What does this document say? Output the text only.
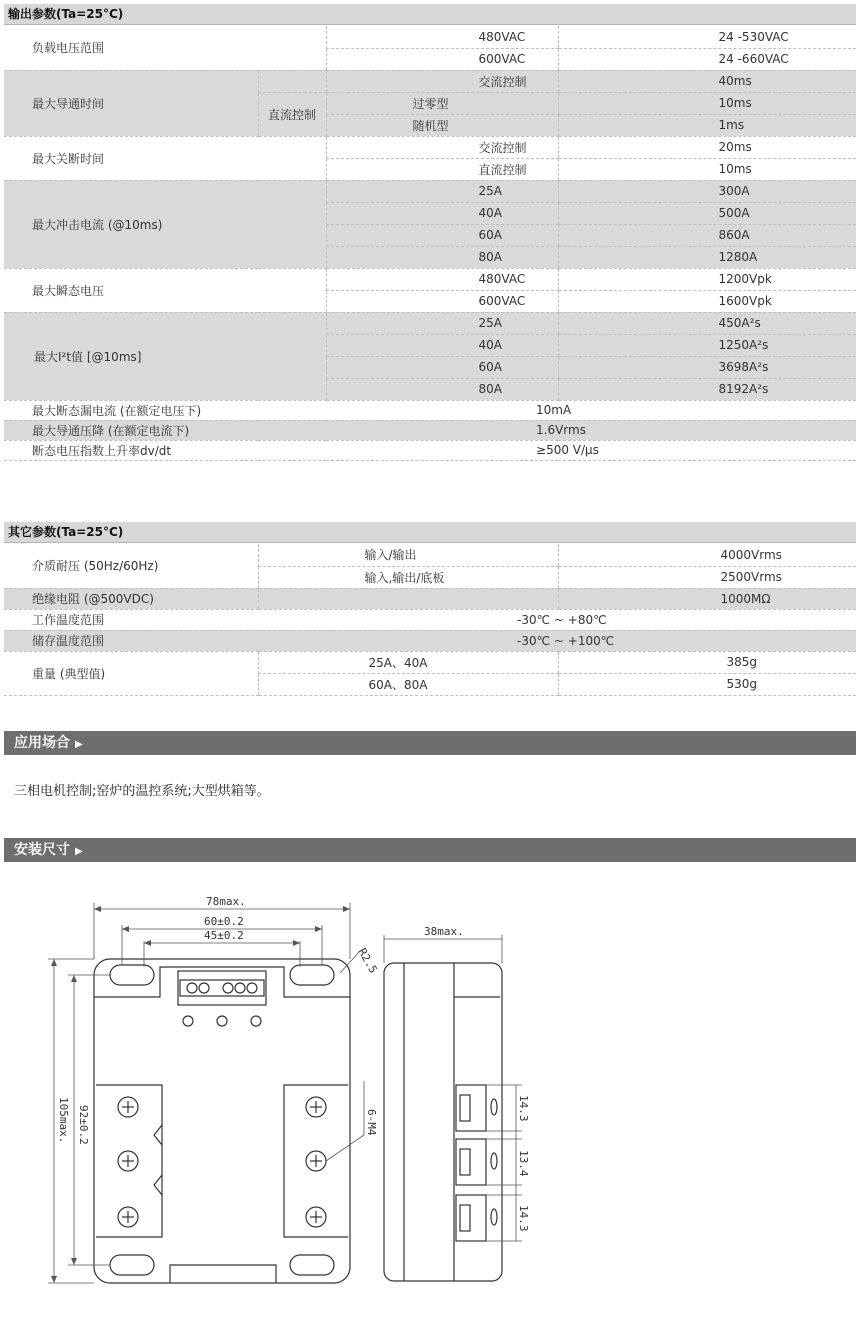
输出参数(Ta=25°C)
负载电压范围		480VAC	24 -530VAC
		600VAC	24 -660VAC
最大导通时间		交流控制	40ms
	直流控制	过零型	10ms
		随机型	1ms
最大关断时间		交流控制	20ms
		直流控制	10ms
最大冲击电流 (@10ms)		25A	300A
		40A	500A
		60A	860A
		80A	1280A
最大瞬态电压		480VAC	1200Vpk
		600VAC	1600Vpk
最大I²t值 [@10ms]		25A	450A²s
		40A	1250A²s
		60A	3698A²s
		80A	8192A²s
最大断态漏电流 (在额定电压下)			10mA
最大导通压降 (在额定电流下)			1.6Vrms
断态电压指数上升率dv/dt			≥500 V/μs
其它参数(Ta=25°C)
介质耐压 (50Hz/60Hz)	输入/输出	4000Vrms
	输入,输出/底板	2500Vrms
绝缘电阻 (@500VDC)		1000MΩ
工作温度范围	-30℃ ~ +80℃	
储存温度范围	-30℃ ~ +100℃	
重量 (典型值)	25A、40A	385g
	60A、80A	530g
应用场合 ▶
三相电机控制;窑炉的温控系统;大型烘箱等。
安装尺寸 ▶
78max.
60±0.2
45±0.2
R2.5
105max. 92±0.2	6-M4
38max.
14.3
13.4
14.3
